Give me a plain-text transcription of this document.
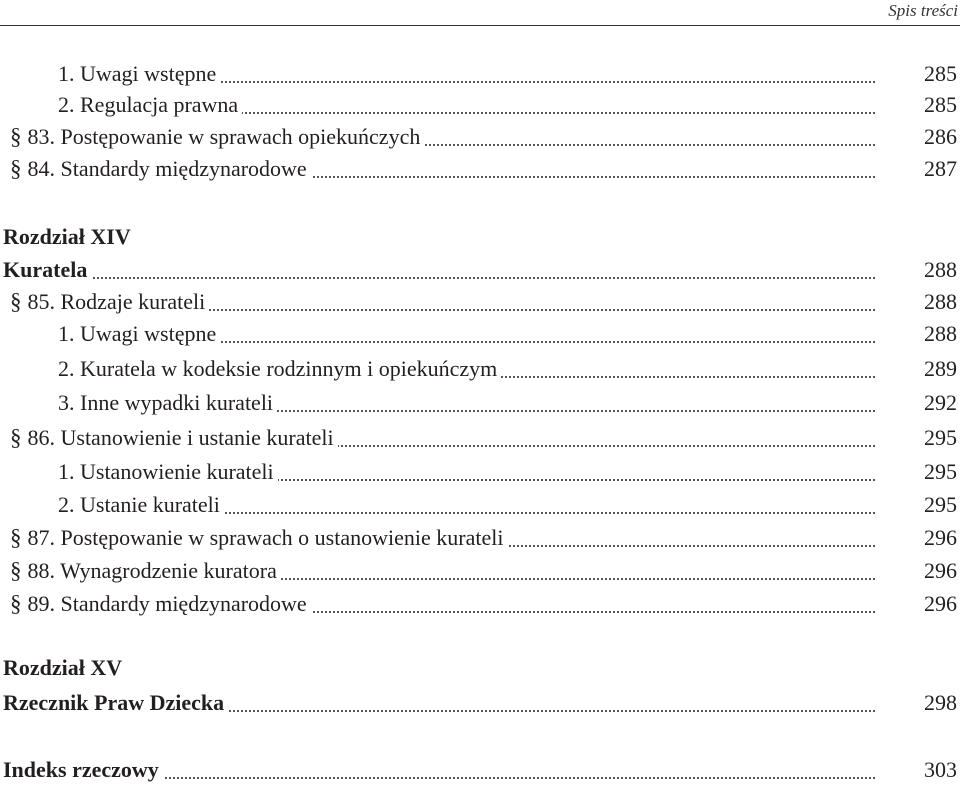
Spis treści
Rozdział XIV
Rozdział XV
1. Uwagi wstępne	285
2. Regulacja prawna	285
§ 83. Postępowanie w sprawach opiekuńczych	286
§ 84. Standardy międzynarodowe	287
Kuratela	288
§ 85. Rodzaje kurateli	288
1. Uwagi wstępne	288
2. Kuratela w kodeksie rodzinnym i opiekuńczym	289
3. Inne wypadki kurateli	292
§ 86. Ustanowienie i ustanie kurateli	295
1. Ustanowienie kurateli	295
2. Ustanie kurateli	295
§ 87. Postępowanie w sprawach o ustanowienie kurateli	296
§ 88. Wynagrodzenie kuratora	296
§ 89. Standardy międzynarodowe	296
Rzecznik Praw Dziecka	298
Indeks rzeczowy	303
